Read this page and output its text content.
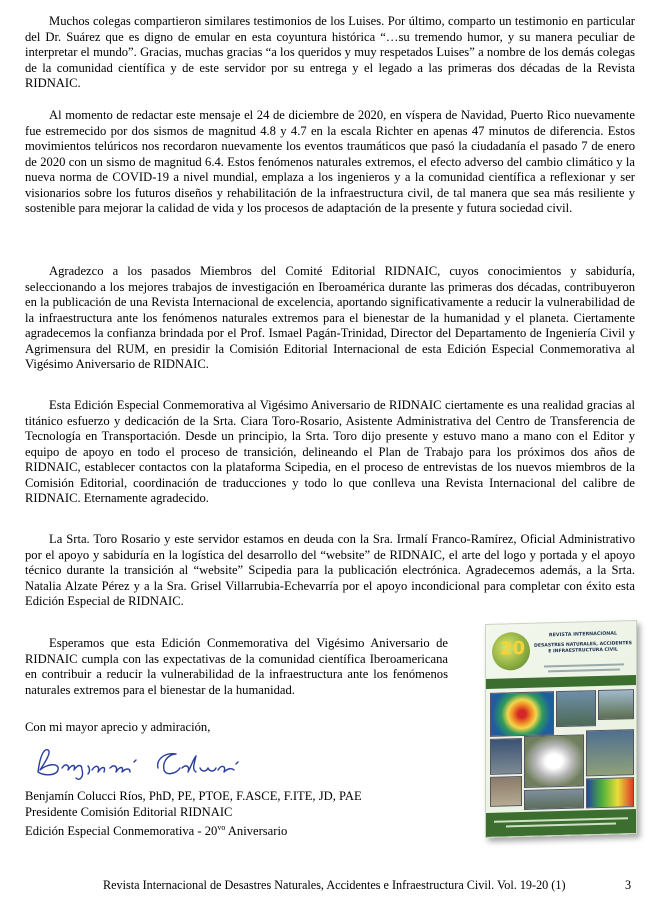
Muchos colegas compartieron similares testimonios de los Luises. Por último, comparto un testimonio en particular del Dr. Suárez que es digno de emular en esta coyuntura histórica “…su tremendo humor, y su manera peculiar de interpretar el mundo”. Gracias, muchas gracias “a los queridos y muy respetados Luises” a nombre de los demás colegas de la comunidad científica y de este servidor por su entrega y el legado a las primeras dos décadas de la Revista RIDNAIC.

Al momento de redactar este mensaje el 24 de diciembre de 2020, en víspera de Navidad, Puerto Rico nuevamente fue estremecido por dos sismos de magnitud 4.8 y 4.7 en la escala Richter en apenas 47 minutos de diferencia. Estos movimientos telúricos nos recordaron nuevamente los eventos traumáticos que pasó la ciudadanía el pasado 7 de enero de 2020 con un sismo de magnitud 6.4. Estos fenómenos naturales extremos, el efecto adverso del cambio climático y la nueva norma de COVID-19 a nivel mundial, emplaza a los ingenieros y a la comunidad científica a reflexionar y ser visionarios sobre los futuros diseños y rehabilitación de la infraestructura civil, de tal manera que sea más resiliente y sostenible para mejorar la calidad de vida y los procesos de adaptación de la presente y futura sociedad civil.

Agradezco a los pasados Miembros del Comité Editorial RIDNAIC, cuyos conocimientos y sabiduría, seleccionando a los mejores trabajos de investigación en Iberoamérica durante las primeras dos décadas, contribuyeron en la publicación de una Revista Internacional de excelencia, aportando significativamente a reducir la vulnerabilidad de la infraestructura ante los fenómenos naturales extremos para el bienestar de la humanidad y el planeta. Ciertamente agradecemos la confianza brindada por el Prof. Ismael Pagán-Trinidad, Director del Departamento de Ingeniería Civil y Agrimensura del RUM, en presidir la Comisión Editorial Internacional de esta Edición Especial Conmemorativa al Vigésimo Aniversario de RIDNAIC.

Esta Edición Especial Conmemorativa al Vigésimo Aniversario de RIDNAIC ciertamente es una realidad gracias al titánico esfuerzo y dedicación de la Srta. Ciara Toro-Rosario, Asistente Administrativa del Centro de Transferencia de Tecnología en Transportación. Desde un principio, la Srta. Toro dijo presente y estuvo mano a mano con el Editor y equipo de apoyo en todo el proceso de transición, delineando el Plan de Trabajo para los próximos dos años de RIDNAIC, establecer contactos con la plataforma Scipedia, en el proceso de entrevistas de los nuevos miembros de la Comisión Editorial, coordinación de traducciones y todo lo que conlleva una Revista Internacional del calibre de RIDNAIC. Eternamente agradecido.

La Srta. Toro Rosario y este servidor estamos en deuda con la Sra. Irmalí Franco-Ramírez, Oficial Administrativo por el apoyo y sabiduría en la logística del desarrollo del “website” de RIDNAIC, el arte del logo y portada y el apoyo técnico durante la transición al “website” Scipedia para la publicación electrónica. Agradecemos además, a la Srta. Natalia Alzate Pérez y a la Sra. Grisel Villarrubia-Echevarría por el apoyo incondicional para completar con éxito esta Edición Especial de RIDNAIC.

Esperamos que esta Edición Conmemorativa del Vigésimo Aniversario de RIDNAIC cumpla con las expectativas de la comunidad científica Iberoamericana en contribuir a reducir la vulnerabilidad de la infraestructura ante los fenómenos naturales extremos para el bienestar de la humanidad.

Con mi mayor aprecio y admiración,
Benjamín Colucci Ríos, PhD, PE, PTOE, F.ASCE, F.ITE, JD, PAE
Presidente Comisión Editorial RIDNAIC
Edición Especial Conmemorativa - $20^{vo}$ Aniversario
20
REVISTA INTERNACIONAL
DESASTRES NATURALES, ACCIDENTES E INFRAESTRUCTURA CIVIL
Revista Internacional de Desastres Naturales, Accidentes e Infraestructura Civil. Vol. 19-20 (1)	3
